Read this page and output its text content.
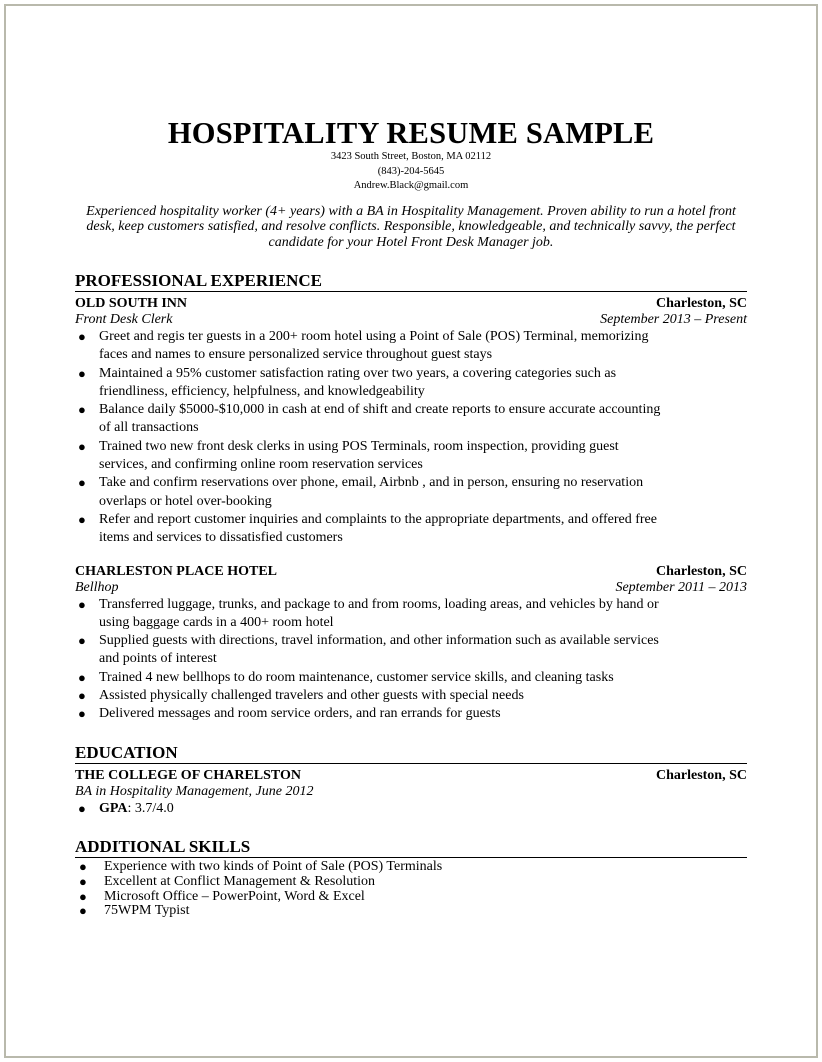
HOSPITALITY RESUME SAMPLE
3423 South Street, Boston, MA 02112
(843)-204-5645
Andrew.Black@gmail.com
Experienced hospitality worker (4+ years) with a BA in Hospitality Management. Proven ability to run a hotel front desk, keep customers satisfied, and resolve conflicts. Responsible, knowledgeable, and technically savvy, the perfect candidate for your Hotel Front Desk Manager job.
PROFESSIONAL EXPERIENCE
OLD SOUTH INN	Charleston, SC
Front Desk Clerk	September 2013 – Present
● Greet and regis ter guests in a 200+ room hotel using a Point of Sale (POS) Terminal, memorizing faces and names to ensure personalized service throughout guest stays
● Maintained a 95% customer satisfaction rating over two years, a covering categories such as friendliness, efficiency, helpfulness, and knowledgeability
● Balance daily $5000-$10,000 in cash at end of shift and create reports to ensure accurate accounting of all transactions
● Trained two new front desk clerks in using POS Terminals, room inspection, providing guest services, and confirming online room reservation services
● Take and confirm reservations over phone, email, Airbnb , and in person, ensuring no reservation overlaps or hotel over-booking
● Refer and report customer inquiries and complaints to the appropriate departments, and offered free items and services to dissatisfied customers
CHARLESTON PLACE HOTEL	Charleston, SC
Bellhop	September 2011 – 2013
● Transferred luggage, trunks, and package to and from rooms, loading areas, and vehicles by hand or using baggage cards in a 400+ room hotel
● Supplied guests with directions, travel information, and other information such as available services and points of interest
● Trained 4 new bellhops to do room maintenance, customer service skills, and cleaning tasks
● Assisted physically challenged travelers and other guests with special needs
● Delivered messages and room service orders, and ran errands for guests
EDUCATION
THE COLLEGE OF CHARELSTON	Charleston, SC
BA in Hospitality Management, June 2012
● GPA: 3.7/4.0
ADDITIONAL SKILLS
● Experience with two kinds of Point of Sale (POS) Terminals
● Excellent at Conflict Management & Resolution
● Microsoft Office – PowerPoint, Word & Excel
● 75WPM Typist
